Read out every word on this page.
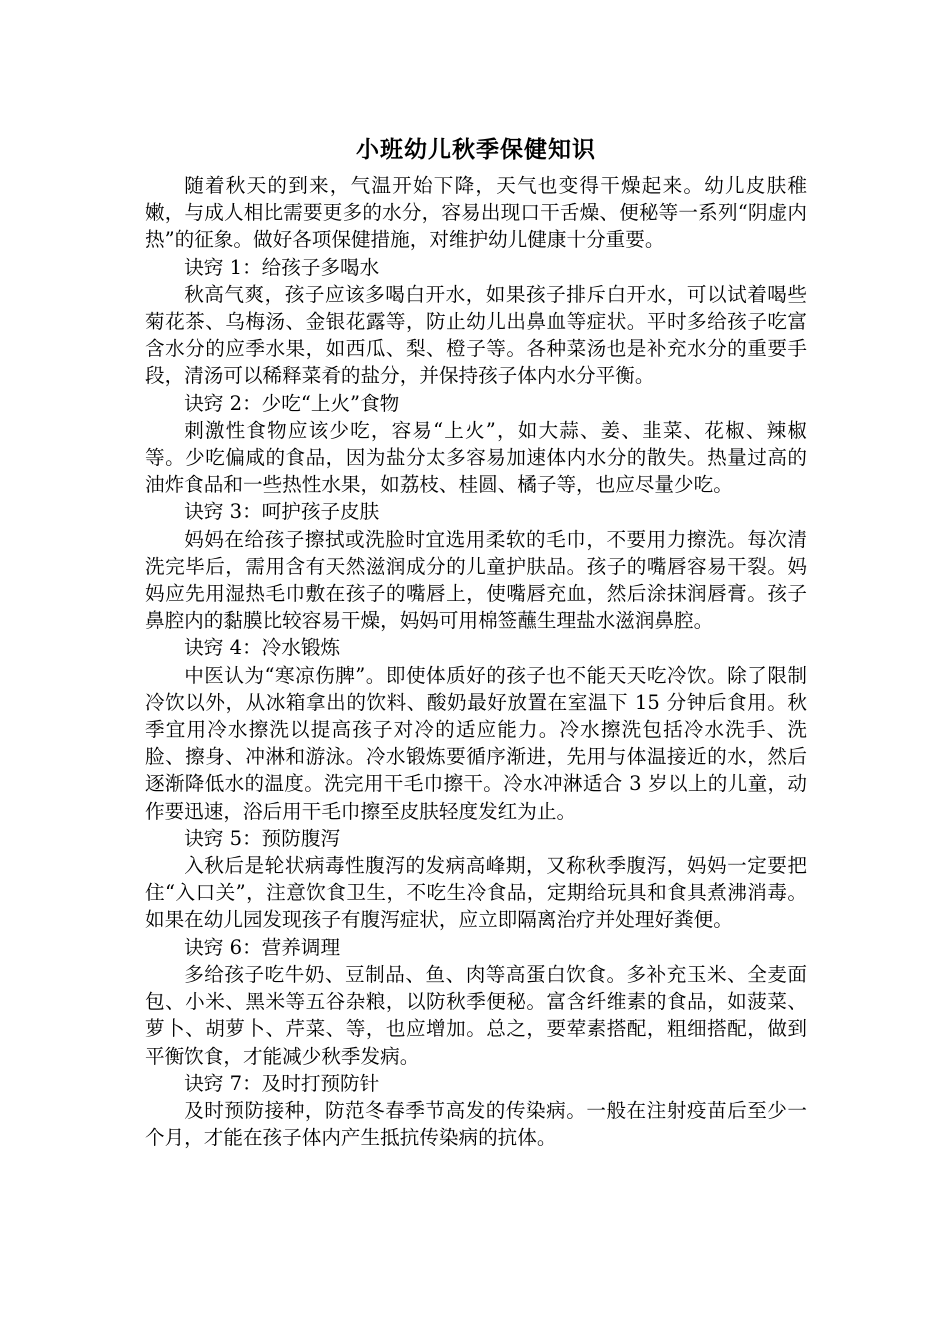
小班幼儿秋季保健知识

随着秋天的到来，气温开始下降，天气也变得干燥起来。幼儿皮肤稚嫩，与成人相比需要更多的水分，容易出现口干舌燥、便秘等一系列“阴虚内热”的征象。做好各项保健措施，对维护幼儿健康十分重要。

诀窍 1：给孩子多喝水

秋高气爽，孩子应该多喝白开水，如果孩子排斥白开水，可以试着喝些菊花茶、乌梅汤、金银花露等，防止幼儿出鼻血等症状。平时多给孩子吃富含水分的应季水果，如西瓜、梨、橙子等。各种菜汤也是补充水分的重要手段，清汤可以稀释菜肴的盐分，并保持孩子体内水分平衡。

诀窍 2：少吃“上火”食物

刺激性食物应该少吃，容易“上火”，如大蒜、姜、韭菜、花椒、辣椒等。少吃偏咸的食品，因为盐分太多容易加速体内水分的散失。热量过高的油炸食品和一些热性水果，如荔枝、桂圆、橘子等，也应尽量少吃。

诀窍 3：呵护孩子皮肤

妈妈在给孩子擦拭或洗脸时宜选用柔软的毛巾，不要用力擦洗。每次清洗完毕后，需用含有天然滋润成分的儿童护肤品。孩子的嘴唇容易干裂。妈妈应先用湿热毛巾敷在孩子的嘴唇上，使嘴唇充血，然后涂抹润唇膏。孩子鼻腔内的黏膜比较容易干燥，妈妈可用棉签蘸生理盐水滋润鼻腔。

诀窍 4：冷水锻炼

中医认为“寒凉伤脾”。即使体质好的孩子也不能天天吃冷饮。除了限制冷饮以外，从冰箱拿出的饮料、酸奶最好放置在室温下 15 分钟后食用。秋季宜用冷水擦洗以提高孩子对冷的适应能力。冷水擦洗包括冷水洗手、洗脸、擦身、冲淋和游泳。冷水锻炼要循序渐进，先用与体温接近的水，然后逐渐降低水的温度。洗完用干毛巾擦干。冷水冲淋适合 3 岁以上的儿童，动作要迅速，浴后用干毛巾擦至皮肤轻度发红为止。

诀窍 5：预防腹泻

入秋后是轮状病毒性腹泻的发病高峰期，又称秋季腹泻，妈妈一定要把住“入口关”，注意饮食卫生，不吃生冷食品，定期给玩具和食具煮沸消毒。如果在幼儿园发现孩子有腹泻症状，应立即隔离治疗并处理好粪便。

诀窍 6：营养调理

多给孩子吃牛奶、豆制品、鱼、肉等高蛋白饮食。多补充玉米、全麦面包、小米、黑米等五谷杂粮，以防秋季便秘。富含纤维素的食品，如菠菜、萝卜、胡萝卜、芹菜、等，也应增加。总之，要荤素搭配，粗细搭配，做到平衡饮食，才能减少秋季发病。

诀窍 7：及时打预防针

及时预防接种，防范冬春季节高发的传染病。一般在注射疫苗后至少一个月，才能在孩子体内产生抵抗传染病的抗体。
